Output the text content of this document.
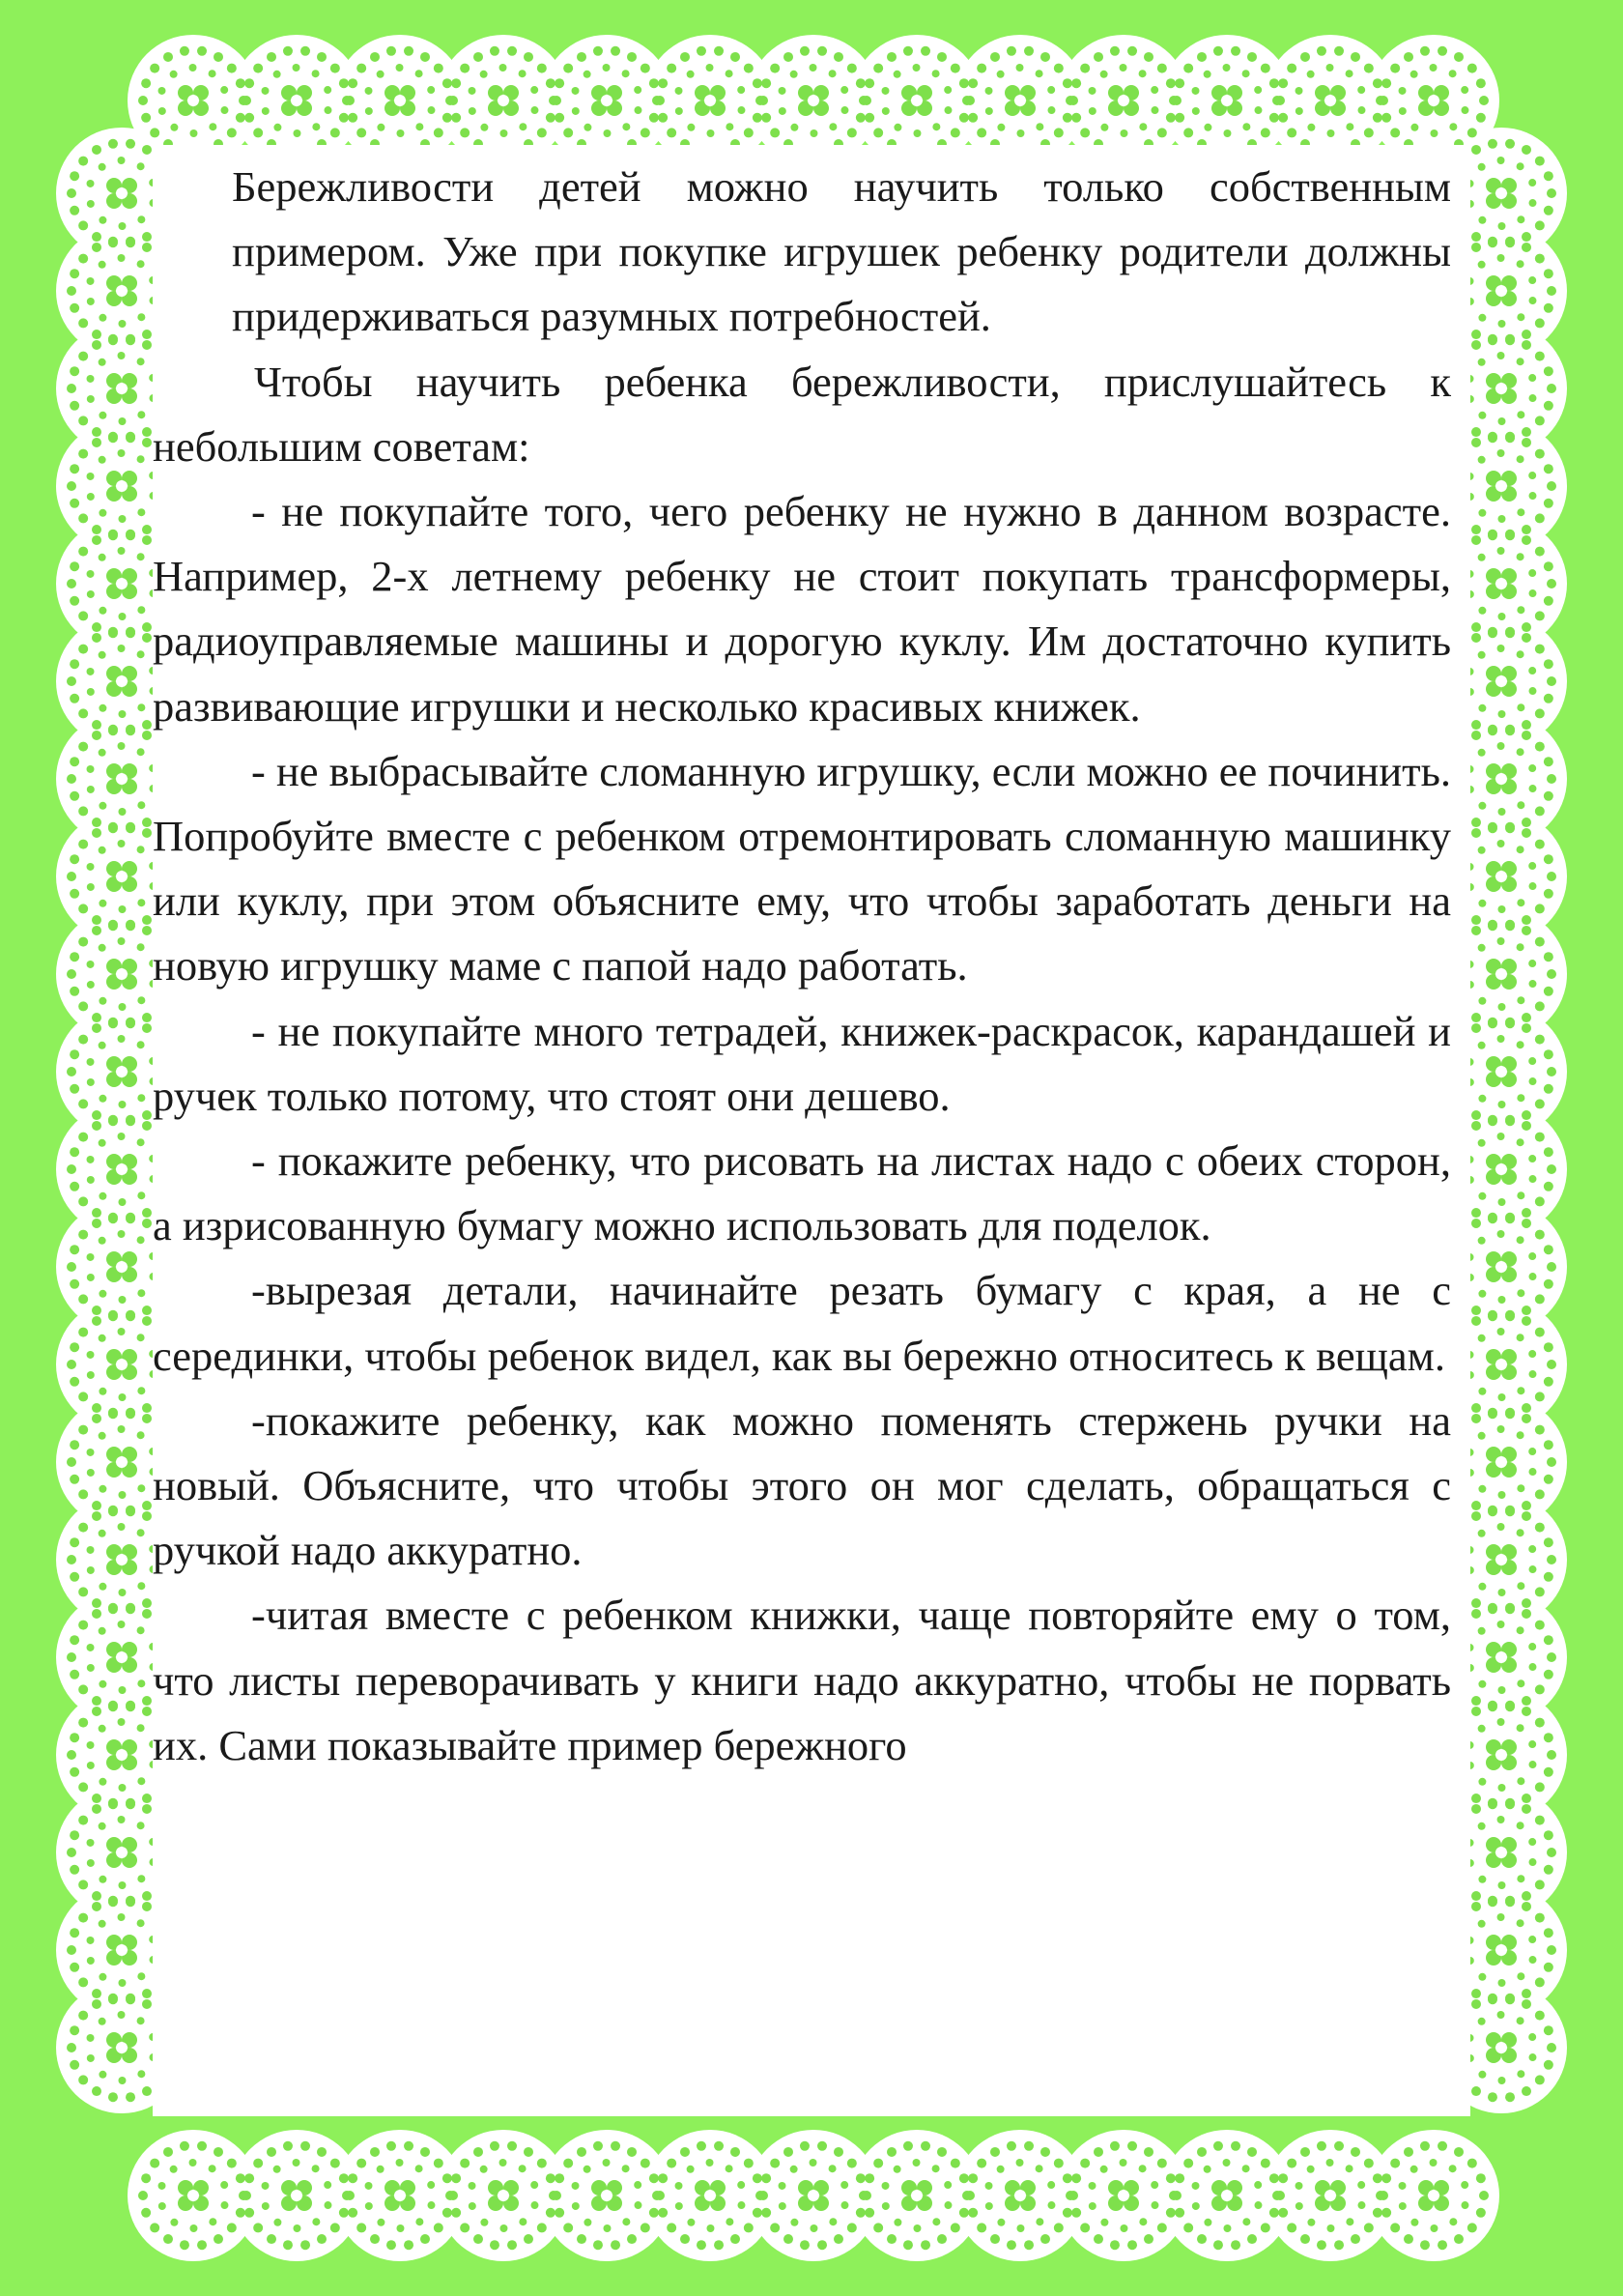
Бережливости детей можно научить только собственным примером. Уже при покупке игрушек ребенку родители должны придерживаться разумных потребностей.

Чтобы научить ребенка бережливости, прислушайтесь к небольшим советам:

- не покупайте того, чего ребенку не нужно в данном возрасте. Например, 2-х летнему ребенку не стоит покупать трансформеры, радиоуправляемые машины и дорогую куклу. Им достаточно купить развивающие игрушки и несколько красивых книжек.

- не выбрасывайте сломанную игрушку, если можно ее починить. Попробуйте вместе с ребенком отремонтировать сломанную машинку или куклу, при этом объясните ему, что чтобы заработать деньги на новую игрушку маме с папой надо работать.

- не покупайте много тетрадей, книжек-раскрасок, карандашей и ручек только потому, что стоят они дешево.

- покажите ребенку, что рисовать на листах надо с обеих сторон, а изрисованную бумагу можно использовать для поделок.

-вырезая детали, начинайте резать бумагу с края, а не с серединки, чтобы ребенок видел, как вы бережно относитесь к вещам.

-покажите ребенку, как можно поменять стержень ручки на новый. Объясните, что чтобы этого он мог сделать, обращаться с ручкой надо аккуратно.

-читая вместе с ребенком книжки, чаще повторяйте ему о том, что листы переворачивать у книги надо аккуратно, чтобы не порвать их. Сами показывайте пример бережного
